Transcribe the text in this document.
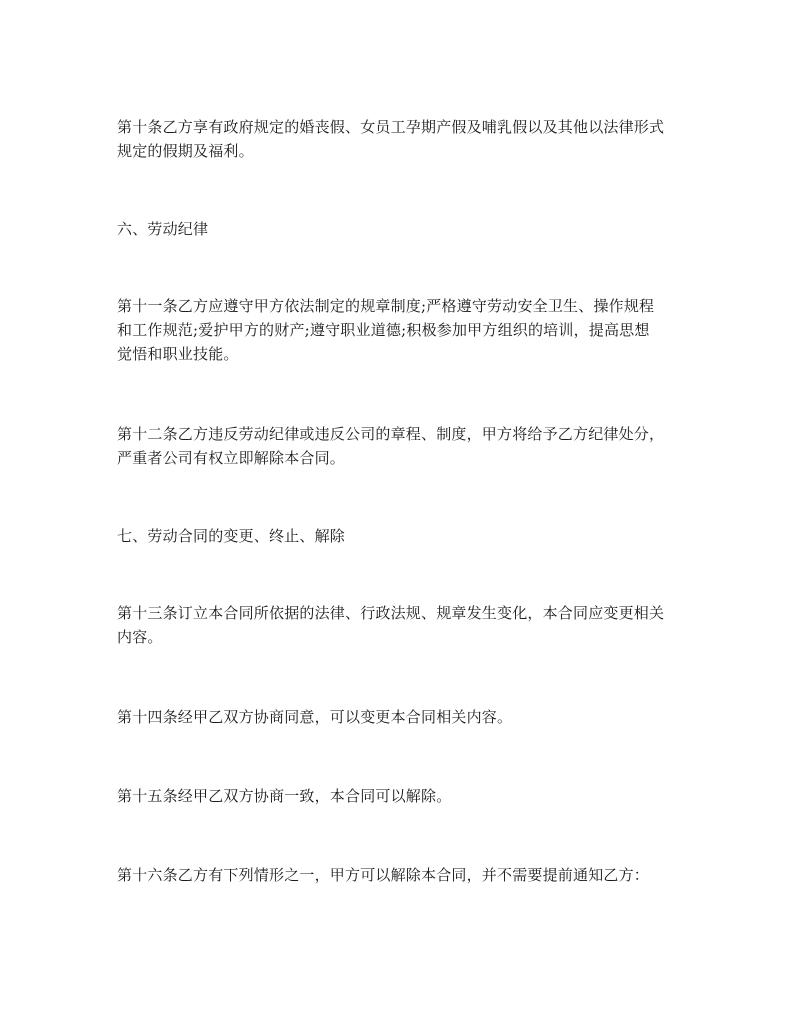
第十条乙方享有政府规定的婚丧假、女员工孕期产假及哺乳假以及其他以法律形式
规定的假期及福利。
六、劳动纪律
第十一条乙方应遵守甲方依法制定的规章制度;严格遵守劳动安全卫生、操作规程
和工作规范;爱护甲方的财产;遵守职业道德;积极参加甲方组织的培训，提高思想
觉悟和职业技能。
第十二条乙方违反劳动纪律或违反公司的章程、制度，甲方将给予乙方纪律处分，
严重者公司有权立即解除本合同。
七、劳动合同的变更、终止、解除
第十三条订立本合同所依据的法律、行政法规、规章发生变化，本合同应变更相关
内容。
第十四条经甲乙双方协商同意，可以变更本合同相关内容。
第十五条经甲乙双方协商一致，本合同可以解除。
第十六条乙方有下列情形之一，甲方可以解除本合同，并不需要提前通知乙方：
